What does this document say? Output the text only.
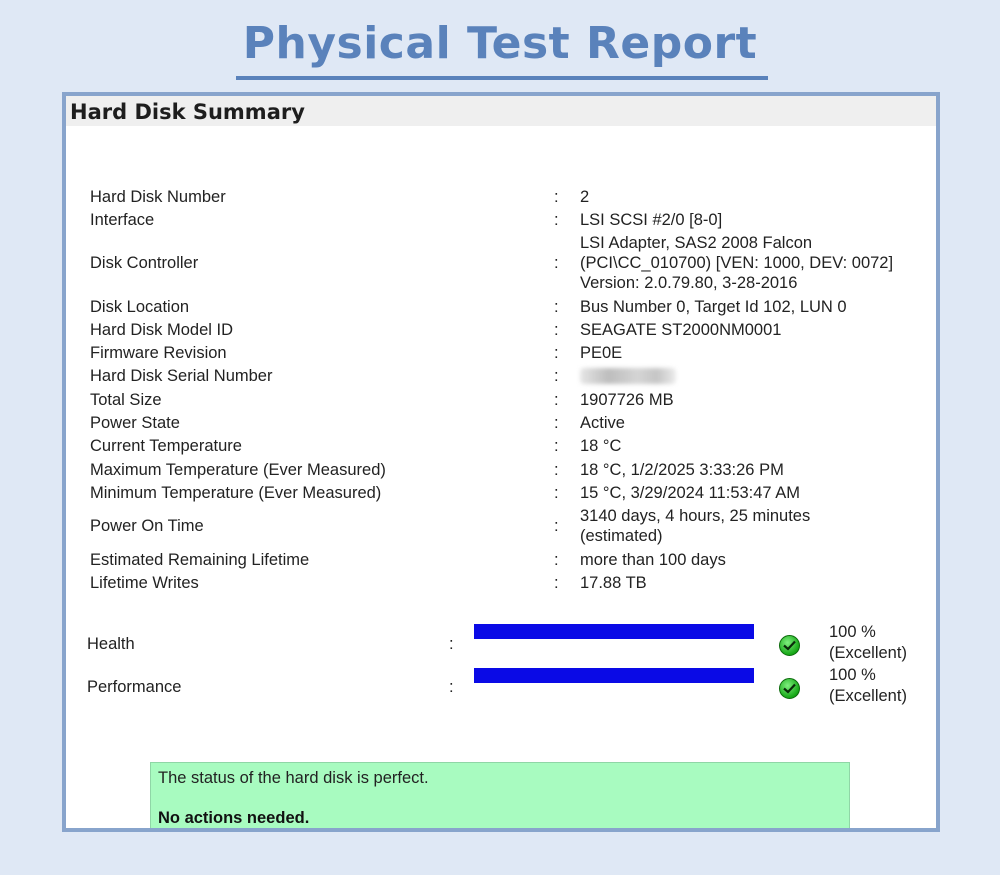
Physical Test Report
Hard Disk Summary
Hard Disk Number	: 2
Interface	: LSI SCSI #2/0 [8-0]
Disk Controller	:
LSI Adapter, SAS2 2008 Falcon (PCI\CC_010700) [VEN: 1000, DEV: 0072] Version: 2.0.79.80, 3-28-2016
Disk Location	: Bus Number 0, Target Id 102, LUN 0
Hard Disk Model ID	: SEAGATE ST2000NM0001
Firmware Revision	: PE0E
Hard Disk Serial Number	:
Total Size	: 1907726 MB
Power State	: Active
Current Temperature	: 18 °C
Maximum Temperature (Ever Measured)	: 18 °C, 1/2/2025 3:33:26 PM
Minimum Temperature (Ever Measured)	: 15 °C, 3/29/2024 11:53:47 AM
Power On Time	:
3140 days, 4 hours, 25 minutes (estimated)
Estimated Remaining Lifetime	: more than 100 days
Lifetime Writes	: 17.88 TB
Health	:
100 %
(Excellent)
Performance	:
100 %
(Excellent)
The status of the hard disk is perfect.
No actions needed.
